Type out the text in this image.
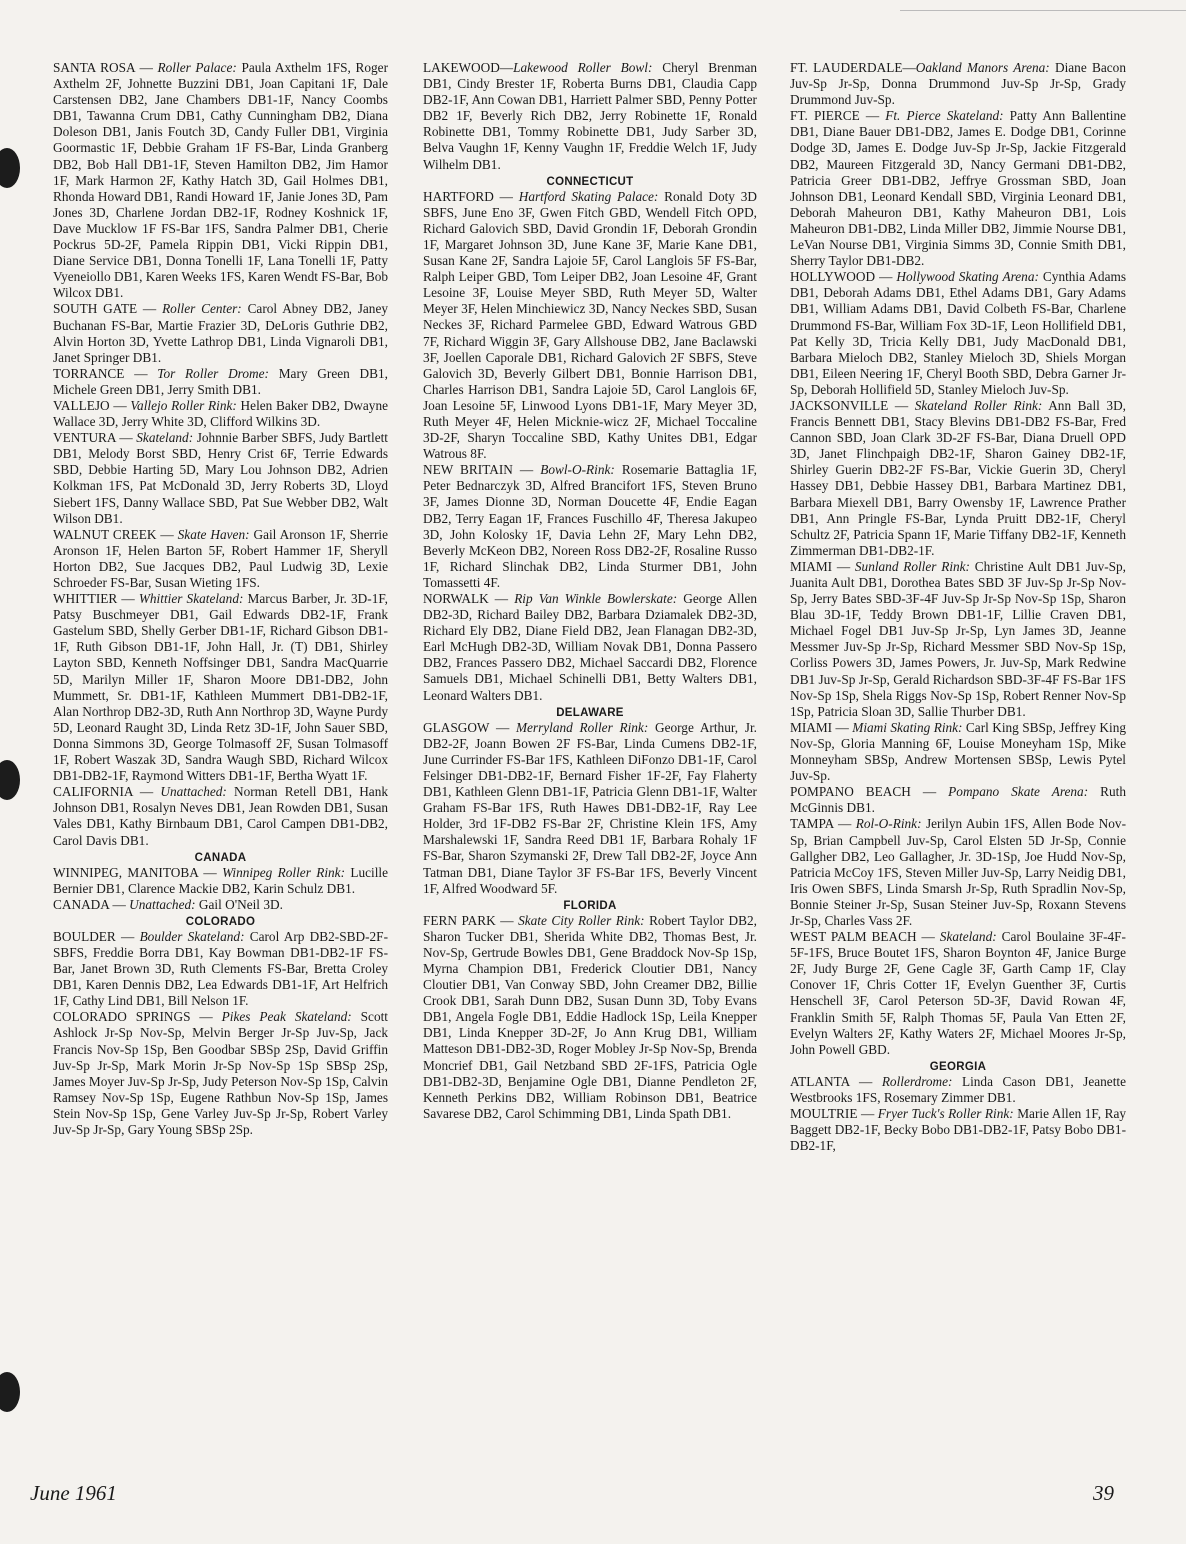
SANTA ROSA — Roller Palace: Paula Axthelm 1FS, Roger Axthelm 2F, Johnette Buzzini DB1, Joan Capitani 1F, Dale Carstensen DB2, Jane Chambers DB1-1F, Nancy Coombs DB1, Tawanna Crum DB1, Cathy Cunningham DB2, Diana Doleson DB1, Janis Foutch 3D, Candy Fuller DB1, Virginia Goormastic 1F, Debbie Graham 1F FS-Bar, Linda Granberg DB2, Bob Hall DB1-1F, Steven Hamilton DB2, Jim Hamor 1F, Mark Harmon 2F, Kathy Hatch 3D, Gail Holmes DB1, Rhonda Howard DB1, Randi Howard 1F, Janie Jones 3D, Pam Jones 3D, Charlene Jordan DB2-1F, Rodney Koshnick 1F, Dave Mucklow 1F FS-Bar 1FS, Sandra Palmer DB1, Cherie Pockrus 5D-2F, Pamela Rippin DB1, Vicki Rippin DB1, Diane Service DB1, Donna Tonelli 1F, Lana Tonelli 1F, Patty Vyeneiollo DB1, Karen Weeks 1FS, Karen Wendt FS-Bar, Bob Wilcox DB1.

SOUTH GATE — Roller Center: Carol Abney DB2, Janey Buchanan FS-Bar, Martie Frazier 3D, DeLoris Guthrie DB2, Alvin Horton 3D, Yvette Lathrop DB1, Linda Vignaroli DB1, Janet Springer DB1.

TORRANCE — Tor Roller Drome: Mary Green DB1, Michele Green DB1, Jerry Smith DB1.

VALLEJO — Vallejo Roller Rink: Helen Baker DB2, Dwayne Wallace 3D, Jerry White 3D, Clifford Wilkins 3D.

VENTURA — Skateland: Johnnie Barber SBFS, Judy Bartlett DB1, Melody Borst SBD, Henry Crist 6F, Terrie Edwards SBD, Debbie Harting 5D, Mary Lou Johnson DB2, Adrien Kolkman 1FS, Pat McDonald 3D, Jerry Roberts 3D, Lloyd Siebert 1FS, Danny Wallace SBD, Pat Sue Webber DB2, Walt Wilson DB1.

WALNUT CREEK — Skate Haven: Gail Aronson 1F, Sherrie Aronson 1F, Helen Barton 5F, Robert Hammer 1F, Sheryll Horton DB2, Sue Jacques DB2, Paul Ludwig 3D, Lexie Schroeder FS-Bar, Susan Wieting 1FS.

WHITTIER — Whittier Skateland: Marcus Barber, Jr. 3D-1F, Patsy Buschmeyer DB1, Gail Edwards DB2-1F, Frank Gastelum SBD, Shelly Gerber DB1-1F, Richard Gibson DB1-1F, Ruth Gibson DB1-1F, John Hall, Jr. (T) DB1, Shirley Layton SBD, Kenneth Noffsinger DB1, Sandra MacQuarrie 5D, Marilyn Miller 1F, Sharon Moore DB1-DB2, John Mummett, Sr. DB1-1F, Kathleen Mummert DB1-DB2-1F, Alan Northrop DB2-3D, Ruth Ann Northrop 3D, Wayne Purdy 5D, Leonard Raught 3D, Linda Retz 3D-1F, John Sauer SBD, Donna Simmons 3D, George Tolmasoff 2F, Susan Tolmasoff 1F, Robert Waszak 3D, Sandra Waugh SBD, Richard Wilcox DB1-DB2-1F, Raymond Witters DB1-1F, Bertha Wyatt 1F.

CALIFORNIA — Unattached: Norman Retell DB1, Hank Johnson DB1, Rosalyn Neves DB1, Jean Rowden DB1, Susan Vales DB1, Kathy Birnbaum DB1, Carol Campen DB1-DB2, Carol Davis DB1.

CANADA

WINNIPEG, MANITOBA — Winnipeg Roller Rink: Lucille Bernier DB1, Clarence Mackie DB2, Karin Schulz DB1.

CANADA — Unattached: Gail O'Neil 3D.

COLORADO

BOULDER — Boulder Skateland: Carol Arp DB2-SBD-2F-SBFS, Freddie Borra DB1, Kay Bowman DB1-DB2-1F FS-Bar, Janet Brown 3D, Ruth Clements FS-Bar, Bretta Croley DB1, Karen Dennis DB2, Lea Edwards DB1-1F, Art Helfrich 1F, Cathy Lind DB1, Bill Nelson 1F.

COLORADO SPRINGS — Pikes Peak Skateland: Scott Ashlock Jr-Sp Nov-Sp, Melvin Berger Jr-Sp Juv-Sp, Jack Francis Nov-Sp 1Sp, Ben Goodbar SBSp 2Sp, David Griffin Juv-Sp Jr-Sp, Mark Morin Jr-Sp Nov-Sp 1Sp SBSp 2Sp, James Moyer Juv-Sp Jr-Sp, Judy Peterson Nov-Sp 1Sp, Calvin Ramsey Nov-Sp 1Sp, Eugene Rathbun Nov-Sp 1Sp, James Stein Nov-Sp 1Sp, Gene Varley Juv-Sp Jr-Sp, Robert Varley Juv-Sp Jr-Sp, Gary Young SBSp 2Sp.

LAKEWOOD—Lakewood Roller Bowl: Cheryl Brenman DB1, Cindy Brester 1F, Roberta Burns DB1, Claudia Capp DB2-1F, Ann Cowan DB1, Harriett Palmer SBD, Penny Potter DB2 1F, Beverly Rich DB2, Jerry Robinette 1F, Ronald Robinette DB1, Tommy Robinette DB1, Judy Sarber 3D, Belva Vaughn 1F, Kenny Vaughn 1F, Freddie Welch 1F, Judy Wilhelm DB1.

CONNECTICUT

HARTFORD — Hartford Skating Palace: Ronald Doty 3D SBFS, June Eno 3F, Gwen Fitch GBD, Wendell Fitch OPD, Richard Galovich SBD, David Grondin 1F, Deborah Grondin 1F, Margaret Johnson 3D, June Kane 3F, Marie Kane DB1, Susan Kane 2F, Sandra Lajoie 5F, Carol Langlois 5F FS-Bar, Ralph Leiper GBD, Tom Leiper DB2, Joan Lesoine 4F, Grant Lesoine 3F, Louise Meyer SBD, Ruth Meyer 5D, Walter Meyer 3F, Helen Minchiewicz 3D, Nancy Neckes SBD, Susan Neckes 3F, Richard Parmelee GBD, Edward Watrous GBD 7F, Richard Wiggin 3F, Gary Allshouse DB2, Jane Baclawski 3F, Joellen Caporale DB1, Richard Galovich 2F SBFS, Steve Galovich 3D, Beverly Gilbert DB1, Bonnie Harrison DB1, Charles Harrison DB1, Sandra Lajoie 5D, Carol Langlois 6F, Joan Lesoine 5F, Linwood Lyons DB1-1F, Mary Meyer 3D, Ruth Meyer 4F, Helen Micknie-wicz 2F, Michael Toccaline 3D-2F, Sharyn Toccaline SBD, Kathy Unites DB1, Edgar Watrous 8F.

NEW BRITAIN — Bowl-O-Rink: Rosemarie Battaglia 1F, Peter Bednarczyk 3D, Alfred Brancifort 1FS, Steven Bruno 3F, James Dionne 3D, Norman Doucette 4F, Endie Eagan DB2, Terry Eagan 1F, Frances Fuschillo 4F, Theresa Jakupeo 3D, John Kolosky 1F, Davia Lehn 2F, Mary Lehn DB2, Beverly McKeon DB2, Noreen Ross DB2-2F, Rosaline Russo 1F, Richard Slinchak DB2, Linda Sturmer DB1, John Tomassetti 4F.

NORWALK — Rip Van Winkle Bowlerskate: George Allen DB2-3D, Richard Bailey DB2, Barbara Dziamalek DB2-3D, Richard Ely DB2, Diane Field DB2, Jean Flanagan DB2-3D, Earl McHugh DB2-3D, William Novak DB1, Donna Passero DB2, Frances Passero DB2, Michael Saccardi DB2, Florence Samuels DB1, Michael Schinelli DB1, Betty Walters DB1, Leonard Walters DB1.

DELAWARE

GLASGOW — Merryland Roller Rink: George Arthur, Jr. DB2-2F, Joann Bowen 2F FS-Bar, Linda Cumens DB2-1F, June Currinder FS-Bar 1FS, Kathleen DiFonzo DB1-1F, Carol Felsinger DB1-DB2-1F, Bernard Fisher 1F-2F, Fay Flaherty DB1, Kathleen Glenn DB1-1F, Patricia Glenn DB1-1F, Walter Graham FS-Bar 1FS, Ruth Hawes DB1-DB2-1F, Ray Lee Holder, 3rd 1F-DB2 FS-Bar 2F, Christine Klein 1FS, Amy Marshalewski 1F, Sandra Reed DB1 1F, Barbara Rohaly 1F FS-Bar, Sharon Szymanski 2F, Drew Tall DB2-2F, Joyce Ann Tatman DB1, Diane Taylor 3F FS-Bar 1FS, Beverly Vincent 1F, Alfred Woodward 5F.

FLORIDA

FERN PARK — Skate City Roller Rink: Robert Taylor DB2, Sharon Tucker DB1, Sherida White DB2, Thomas Best, Jr. Nov-Sp, Gertrude Bowles DB1, Gene Braddock Nov-Sp 1Sp, Myrna Champion DB1, Frederick Cloutier DB1, Nancy Cloutier DB1, Van Conway SBD, John Creamer DB2, Billie Crook DB1, Sarah Dunn DB2, Susan Dunn 3D, Toby Evans DB1, Angela Fogle DB1, Eddie Hadlock 1Sp, Leila Knepper DB1, Linda Knepper 3D-2F, Jo Ann Krug DB1, William Matteson DB1-DB2-3D, Roger Mobley Jr-Sp Nov-Sp, Brenda Moncrief DB1, Gail Netzband SBD 2F-1FS, Patricia Ogle DB1-DB2-3D, Benjamine Ogle DB1, Dianne Pendleton 2F, Kenneth Perkins DB2, William Robinson DB1, Beatrice Savarese DB2, Carol Schimming DB1, Linda Spath DB1.

FT. LAUDERDALE—Oakland Manors Arena: Diane Bacon Juv-Sp Jr-Sp, Donna Drummond Juv-Sp Jr-Sp, Grady Drummond Juv-Sp.

FT. PIERCE — Ft. Pierce Skateland: Patty Ann Ballentine DB1, Diane Bauer DB1-DB2, James E. Dodge DB1, Corinne Dodge 3D, James E. Dodge Juv-Sp Jr-Sp, Jackie Fitzgerald DB2, Maureen Fitzgerald 3D, Nancy Germani DB1-DB2, Patricia Greer DB1-DB2, Jeffrye Grossman SBD, Joan Johnson DB1, Leonard Kendall SBD, Virginia Leonard DB1, Deborah Maheuron DB1, Kathy Maheuron DB1, Lois Maheuron DB1-DB2, Linda Miller DB2, Jimmie Nourse DB1, LeVan Nourse DB1, Virginia Simms 3D, Connie Smith DB1, Sherry Taylor DB1-DB2.

HOLLYWOOD — Hollywood Skating Arena: Cynthia Adams DB1, Deborah Adams DB1, Ethel Adams DB1, Gary Adams DB1, William Adams DB1, David Colbeth FS-Bar, Charlene Drummond FS-Bar, William Fox 3D-1F, Leon Hollifield DB1, Pat Kelly 3D, Tricia Kelly DB1, Judy MacDonald DB1, Barbara Mieloch DB2, Stanley Mieloch 3D, Shiels Morgan DB1, Eileen Neering 1F, Cheryl Booth SBD, Debra Garner Jr-Sp, Deborah Hollifield 5D, Stanley Mieloch Juv-Sp.

JACKSONVILLE — Skateland Roller Rink: Ann Ball 3D, Francis Bennett DB1, Stacy Blevins DB1-DB2 FS-Bar, Fred Cannon SBD, Joan Clark 3D-2F FS-Bar, Diana Druell OPD 3D, Janet Flinchpaigh DB2-1F, Sharon Gainey DB2-1F, Shirley Guerin DB2-2F FS-Bar, Vickie Guerin 3D, Cheryl Hassey DB1, Debbie Hassey DB1, Barbara Martinez DB1, Barbara Miexell DB1, Barry Owensby 1F, Lawrence Prather DB1, Ann Pringle FS-Bar, Lynda Pruitt DB2-1F, Cheryl Schultz 2F, Patricia Spann 1F, Marie Tiffany DB2-1F, Kenneth Zimmerman DB1-DB2-1F.

MIAMI — Sunland Roller Rink: Christine Ault DB1 Juv-Sp, Juanita Ault DB1, Dorothea Bates SBD 3F Juv-Sp Jr-Sp Nov-Sp, Jerry Bates SBD-3F-4F Juv-Sp Jr-Sp Nov-Sp 1Sp, Sharon Blau 3D-1F, Teddy Brown DB1-1F, Lillie Craven DB1, Michael Fogel DB1 Juv-Sp Jr-Sp, Lyn James 3D, Jeanne Messmer Juv-Sp Jr-Sp, Richard Messmer SBD Nov-Sp 1Sp, Corliss Powers 3D, James Powers, Jr. Juv-Sp, Mark Redwine DB1 Juv-Sp Jr-Sp, Gerald Richardson SBD-3F-4F FS-Bar 1FS Nov-Sp 1Sp, Shela Riggs Nov-Sp 1Sp, Robert Renner Nov-Sp 1Sp, Patricia Sloan 3D, Sallie Thurber DB1.

MIAMI — Miami Skating Rink: Carl King SBSp, Jeffrey King Nov-Sp, Gloria Manning 6F, Louise Moneyham 1Sp, Mike Monneyham SBSp, Andrew Mortensen SBSp, Lewis Pytel Juv-Sp.

POMPANO BEACH — Pompano Skate Arena: Ruth McGinnis DB1.

TAMPA — Rol-O-Rink: Jerilyn Aubin 1FS, Allen Bode Nov-Sp, Brian Campbell Juv-Sp, Carol Elsten 5D Jr-Sp, Connie Gallgher DB2, Leo Gallagher, Jr. 3D-1Sp, Joe Hudd Nov-Sp, Patricia McCoy 1FS, Steven Miller Juv-Sp, Larry Neidig DB1, Iris Owen SBFS, Linda Smarsh Jr-Sp, Ruth Spradlin Nov-Sp, Bonnie Steiner Jr-Sp, Susan Steiner Juv-Sp, Roxann Stevens Jr-Sp, Charles Vass 2F.

WEST PALM BEACH — Skateland: Carol Boulaine 3F-4F-5F-1FS, Bruce Boutet 1FS, Sharon Boynton 4F, Janice Burge 2F, Judy Burge 2F, Gene Cagle 3F, Garth Camp 1F, Clay Conover 1F, Chris Cotter 1F, Evelyn Guenther 3F, Curtis Henschell 3F, Carol Peterson 5D-3F, David Rowan 4F, Franklin Smith 5F, Ralph Thomas 5F, Paula Van Etten 2F, Evelyn Walters 2F, Kathy Waters 2F, Michael Moores Jr-Sp, John Powell GBD.

GEORGIA

ATLANTA — Rollerdrome: Linda Cason DB1, Jeanette Westbrooks 1FS, Rosemary Zimmer DB1.

MOULTRIE — Fryer Tuck's Roller Rink: Marie Allen 1F, Ray Baggett DB2-1F, Becky Bobo DB1-DB2-1F, Patsy Bobo DB1-DB2-1F,

June 1961	39
